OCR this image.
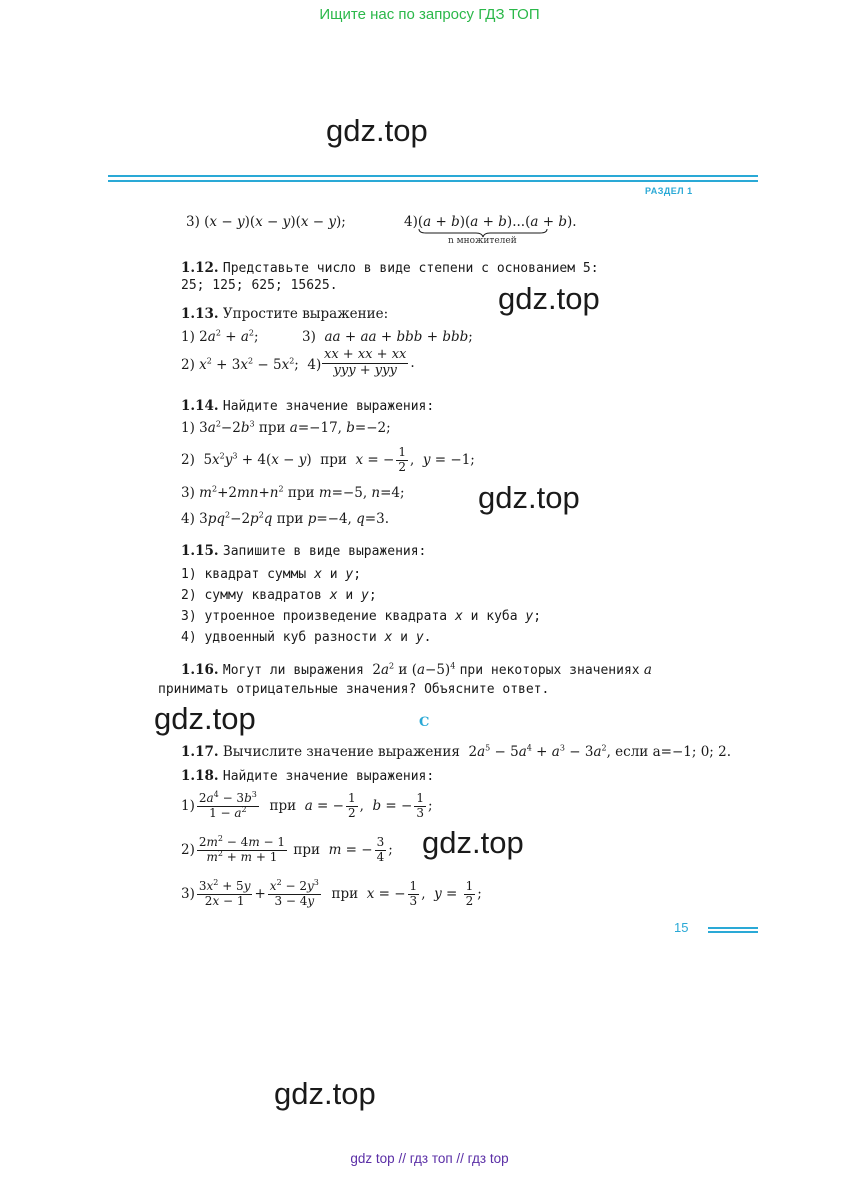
Ищите нас по запросу ГДЗ ТОП
gdz.top
РАЗДЕЛ 1
3) (x − y)(x − y)(x − y);	4)(a + b)(a + b)...(a + b).
n множителей
1.12. Представьте число в виде степени с основанием 5:
25; 125; 625; 15625.	gdz.top
1.13. Упростите выражение:
1) $2a^2 + a^2$;	3)  aa + aa + bbb + bbb;
2) $x^2 + 3x^2 - 5x^2$;  $4) \frac{xx + xx + xx}{\text{yyy + yyy}}$ .
1.14. Найдите значение выражения:
1) $3a^2-2b^3$ при a=−17, b=−2;
2)  $5x^2y^3 + 4(x - y)$  при x = − $\frac{1}{2}$ ,  y = −1;
3) $m^2+2mn+n^2$ при m=−5, n=4;
4) $3pq^2-2p^2q$ при p=−4, q=3.
gdz.top
1.15. Запишите в виде выражения:
1) квадрат суммы x и y;
2) сумму квадратов x и y;
3) утроенное произведение квадрата x и куба y;
4) удвоенный куб разности x и y.
1.16. Могут ли выражения  $2a^2$ и $(a-5)^4$ при некоторых значениях a
принимать отрицательные значения? Объясните ответ.
gdz.top	C
1.17. Вычислите значение выражения  $2a^5 - 5a^4 + a^3 - 3a^2$, если a=−1; 0; 2.
1.18. Найдите значение выражения:
$1) \frac{2a^4 - 3b^3}{1 - a^2}$ при a = − $\frac{1}{2}$ ,  b = − $\frac{1}{3}$ ;
$2) \frac{2m^2 - 4m - 1}{m^2 + m + 1}$ при m = − $\frac{3}{4}$ ;
$3) \frac{3x^2 + 5y}{2x - 1} + \frac{x^2 - 2y^3}{3 - 4y}$ при x = − $\frac{1}{3}$ ,  $y = \frac{1}{2}$ ;
gdz.top
15
gdz.top
gdz top // гдз топ // гдз top
